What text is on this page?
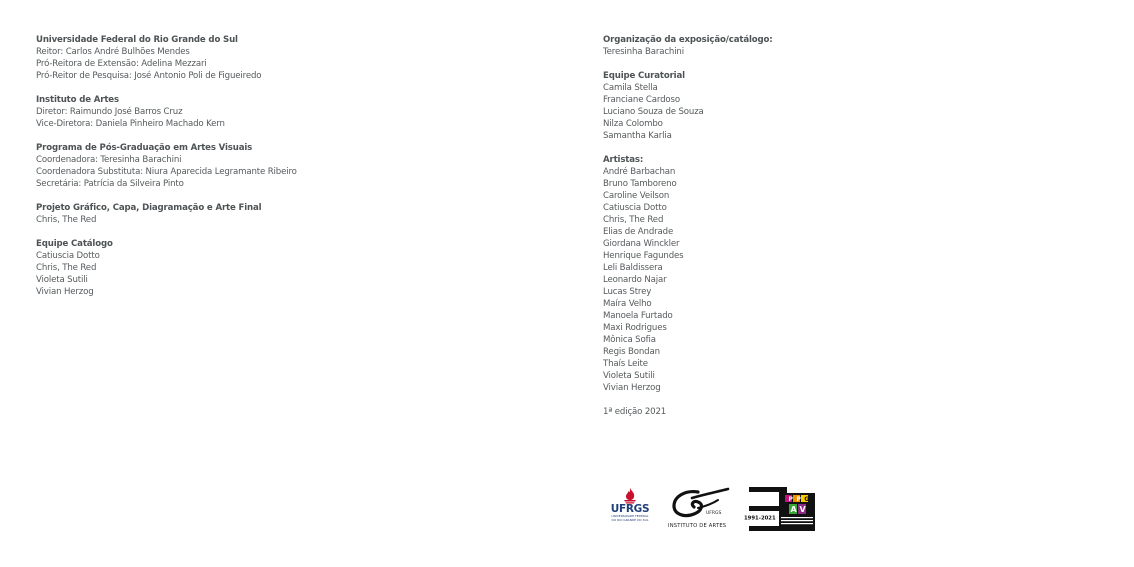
Universidade Federal do Rio Grande do Sul
Reitor: Carlos André Bulhões Mendes
Pró-Reitora de Extensão: Adelina Mezzari
Pró-Reitor de Pesquisa: José Antonio Poli de Figueiredo
Instituto de Artes
Diretor: Raimundo José Barros Cruz
Vice-Diretora: Daniela Pinheiro Machado Kern
Programa de Pós-Graduação em Artes Visuais
Coordenadora: Teresinha Barachini
Coordenadora Substituta: Niura Aparecida Legramante Ribeiro
Secretária: Patrícia da Silveira Pinto
Projeto Gráfico, Capa, Diagramação e Arte Final
Chris, The Red
Equipe Catálogo
Catiuscia Dotto
Chris, The Red
Violeta Sutili
Vivian Herzog
Organização da exposição/catálogo:
Teresinha Barachini
Equipe Curatorial
Camila Stella
Franciane Cardoso
Luciano Souza de Souza
Nilza Colombo
Samantha Karlia
Artistas:
André Barbachan
Bruno Tamboreno
Caroline Veilson
Catiuscia Dotto
Chris, The Red
Elias de Andrade
Giordana Winckler
Henrique Fagundes
Leli Baldissera
Leonardo Najar
Lucas Strey
Maíra Velho
Manoela Furtado
Maxi Rodrigues
Mônica Sofia
Regis Bondan
Thaís Leite
Violeta Sutili
Vivian Herzog
1ª edição 2021
UFRGS
UNIVERSIDADE FEDERAL
DO RIO GRANDE DO SUL
UFRGS
INSTITUTO DE ARTES
P P G
A V
1991-2021
